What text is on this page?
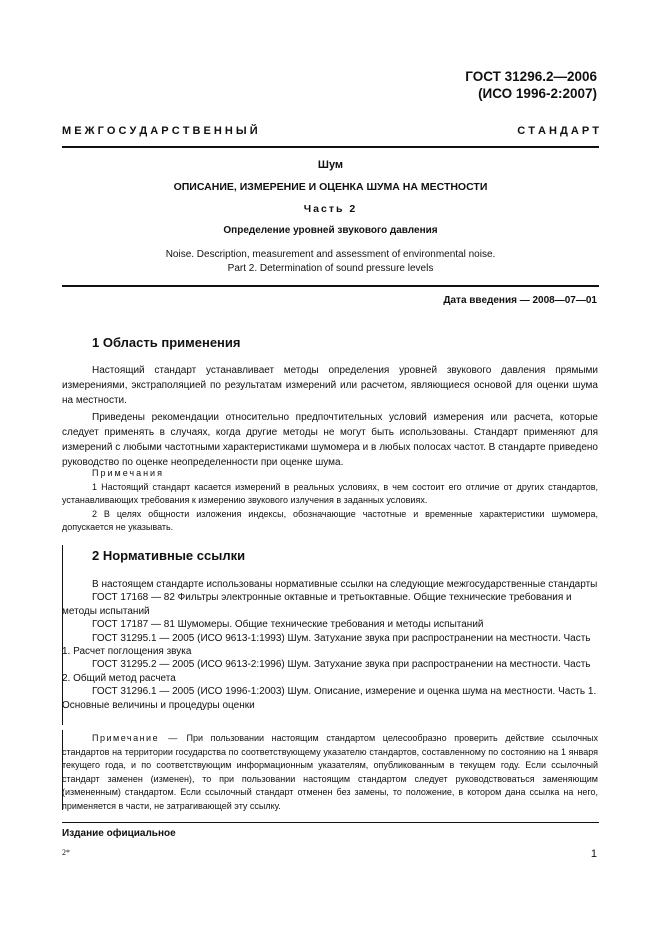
ГОСТ 31296.2—2006
(ИСО 1996-2:2007)
М Е Ж Г О С У Д А Р С Т В Е Н Н Ы Й	С Т А Н Д А Р Т
Шум
ОПИСАНИЕ, ИЗМЕРЕНИЕ И ОЦЕНКА ШУМА НА МЕСТНОСТИ
Часть 2
Определение уровней звукового давления
Noise. Description, measurement and assessment of environmental noise.
Part 2. Determination of sound pressure levels
Дата введения — 2008—07—01
1 Область применения

Настоящий стандарт устанавливает методы определения уровней звукового давления прямыми измерениями, экстраполяцией по результатам измерений или расчетом, являющиеся основой для оценки шума на местности.

Приведены рекомендации относительно предпочтительных условий измерения или расчета, которые следует применять в случаях, когда другие методы не могут быть использованы. Стандарт применяют для измерений с любыми частотными характеристиками шумомера и в любых полосах частот. В стандарте приведено руководство по оценке неопределенности при оценке шума.

Примечания

1 Настоящий стандарт касается измерений в реальных условиях, в чем состоит его отличие от других стандартов, устанавливающих требования к измерению звукового излучения в заданных условиях.

2 В целях общности изложения индексы, обозначающие частотные и временные характеристики шумомера, допускается не указывать.

2 Нормативные ссылки

В настоящем стандарте использованы нормативные ссылки на следующие межгосударственные стандарты

ГОСТ 17168 — 82 Фильтры электронные октавные и третьоктавные. Общие технические требования и методы испытаний

ГОСТ 17187 — 81 Шумомеры. Общие технические требования и методы испытаний

ГОСТ 31295.1 — 2005 (ИСО 9613-1:1993) Шум. Затухание звука при распространении на местности. Часть 1. Расчет поглощения звука

ГОСТ 31295.2 — 2005 (ИСО 9613-2:1996) Шум. Затухание звука при распространении на местности. Часть 2. Общий метод расчета

ГОСТ 31296.1 — 2005 (ИСО 1996-1:2003) Шум. Описание, измерение и оценка шума на местности. Часть 1. Основные величины и процедуры оценки

Примечание — При пользовании настоящим стандартом целесообразно проверить действие ссылочных стандартов на территории государства по соответствующему указателю стандартов, составленному по состоянию на 1 января текущего года, и по соответствующим информационным указателям, опубликованным в текущем году. Если ссылочный стандарт заменен (изменен), то при пользовании настоящим стандартом следует руководствоваться заменяющим (измененным) стандартом. Если ссылочный стандарт отменен без замены, то положение, в котором дана ссылка на него, применяется в части, не затрагивающей эту ссылку.

Издание официальное
2*	1
